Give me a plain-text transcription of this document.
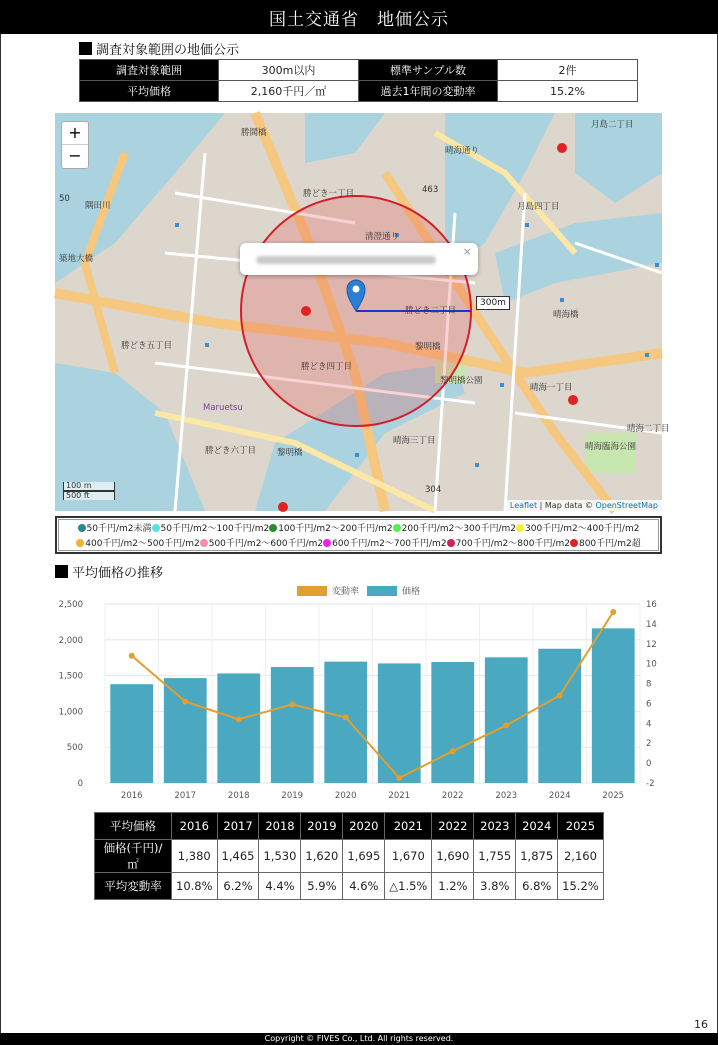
国土交通省　地価公示
調査対象範囲の地価公示
調査対象範囲	300m以内	標準サンプル数	2件
平均価格	2,160千円／㎡	過去1年間の変動率	15.2%
勝鬨橋
築地大橋
勝どき五丁目
勝どき六丁目
勝どき四丁目
勝どき一丁目
勝どき二丁目
月島四丁目
月島二丁目
晴海橋
晴海一丁目
晴海三丁目
晴海二丁目
晴海臨海公園
Maruetsu
黎明橋
黎明橋公園
黎明橋
463
304
50
清澄通り
晴海通り
隅田川
+
−
×
300m
100 m
500 ft
Leaflet | Map data © OpenStreetMap
50千円/m2未満 50千円/m2〜100千円/m2 100千円/m2〜200千円/m2 200千円/m2〜300千円/m2 300千円/m2〜400千円/m2400千円/m2〜500千円/m2 500千円/m2〜600千円/m2 600千円/m2〜700千円/m2 700千円/m2〜800千円/m2 800千円/m2超
平均価格の推移
0
500
1,000
1,500
2,000
2,500
-2
0
2
4
6
8
10
12
14
16
2016	2017	2018	2019	2020	2021	2022	2023	2024	2025
変動率	価格
平均価格	2016	2017	2018	2019	2020	2021	2022	2023	2024	2025
価格(千円)/㎡	1,380	1,465	1,530	1,620	1,695	1,670	1,690	1,755	1,875	2,160
平均変動率	10.8%	6.2%	4.4%	5.9%	4.6%	△1.5%	1.2%	3.8%	6.8%	15.2%
16
Copyright © FIVES Co., Ltd. All rights reserved.
